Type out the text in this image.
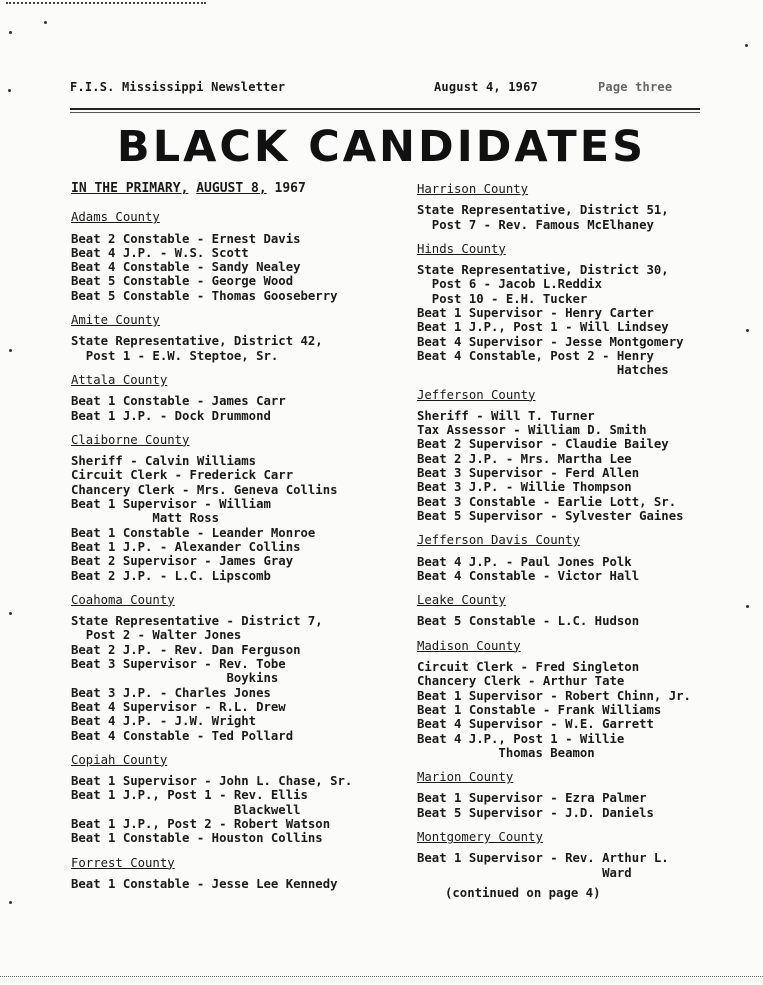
F.I.S. Mississippi Newsletter	August 4, 1967	Page three
BLACK CANDIDATES
IN THE PRIMARY, AUGUST 8, 1967
Adams County
Beat 2 Constable - Ernest Davis
Beat 4 J.P. - W.S. Scott
Beat 4 Constable - Sandy Nealey
Beat 5 Constable - George Wood
Beat 5 Constable - Thomas Gooseberry
Amite County
State Representative, District 42,
Post 1 - E.W. Steptoe, Sr.
Attala County
Beat 1 Constable - James Carr
Beat 1 J.P. - Dock Drummond
Claiborne County
Sheriff - Calvin Williams
Circuit Clerk - Frederick Carr
Chancery Clerk - Mrs. Geneva Collins
Beat 1 Supervisor - William
Matt Ross
Beat 1 Constable - Leander Monroe
Beat 1 J.P. - Alexander Collins
Beat 2 Supervisor - James Gray
Beat 2 J.P. - L.C. Lipscomb
Coahoma County
State Representative - District 7,
Post 2 - Walter Jones
Beat 2 J.P. - Rev. Dan Ferguson
Beat 3 Supervisor - Rev. Tobe
Boykins
Beat 3 J.P. - Charles Jones
Beat 4 Supervisor - R.L. Drew
Beat 4 J.P. - J.W. Wright
Beat 4 Constable - Ted Pollard
Copiah County
Beat 1 Supervisor - John L. Chase, Sr.
Beat 1 J.P., Post 1 - Rev. Ellis
Blackwell
Beat 1 J.P., Post 2 - Robert Watson
Beat 1 Constable - Houston Collins
Forrest County
Beat 1 Constable - Jesse Lee Kennedy
Harrison County
State Representative, District 51,
Post 7 - Rev. Famous McElhaney
Hinds County
State Representative, District 30,
Post 6 - Jacob L.Reddix
Post 10 - E.H. Tucker
Beat 1 Supervisor - Henry Carter
Beat 1 J.P., Post 1 - Will Lindsey
Beat 4 Supervisor - Jesse Montgomery
Beat 4 Constable, Post 2 - Henry
Hatches
Jefferson County
Sheriff - Will T. Turner
Tax Assessor - William D. Smith
Beat 2 Supervisor - Claudie Bailey
Beat 2 J.P. - Mrs. Martha Lee
Beat 3 Supervisor - Ferd Allen
Beat 3 J.P. - Willie Thompson
Beat 3 Constable - Earlie Lott, Sr.
Beat 5 Supervisor - Sylvester Gaines
Jefferson Davis County
Beat 4 J.P. - Paul Jones Polk
Beat 4 Constable - Victor Hall
Leake County
Beat 5 Constable - L.C. Hudson
Madison County
Circuit Clerk - Fred Singleton
Chancery Clerk - Arthur Tate
Beat 1 Supervisor - Robert Chinn, Jr.
Beat 1 Constable - Frank Williams
Beat 4 Supervisor - W.E. Garrett
Beat 4 J.P., Post 1 - Willie
Thomas Beamon
Marion County
Beat 1 Supervisor - Ezra Palmer
Beat 5 Supervisor - J.D. Daniels
Montgomery County
Beat 1 Supervisor - Rev. Arthur L.
Ward
(continued on page 4)
